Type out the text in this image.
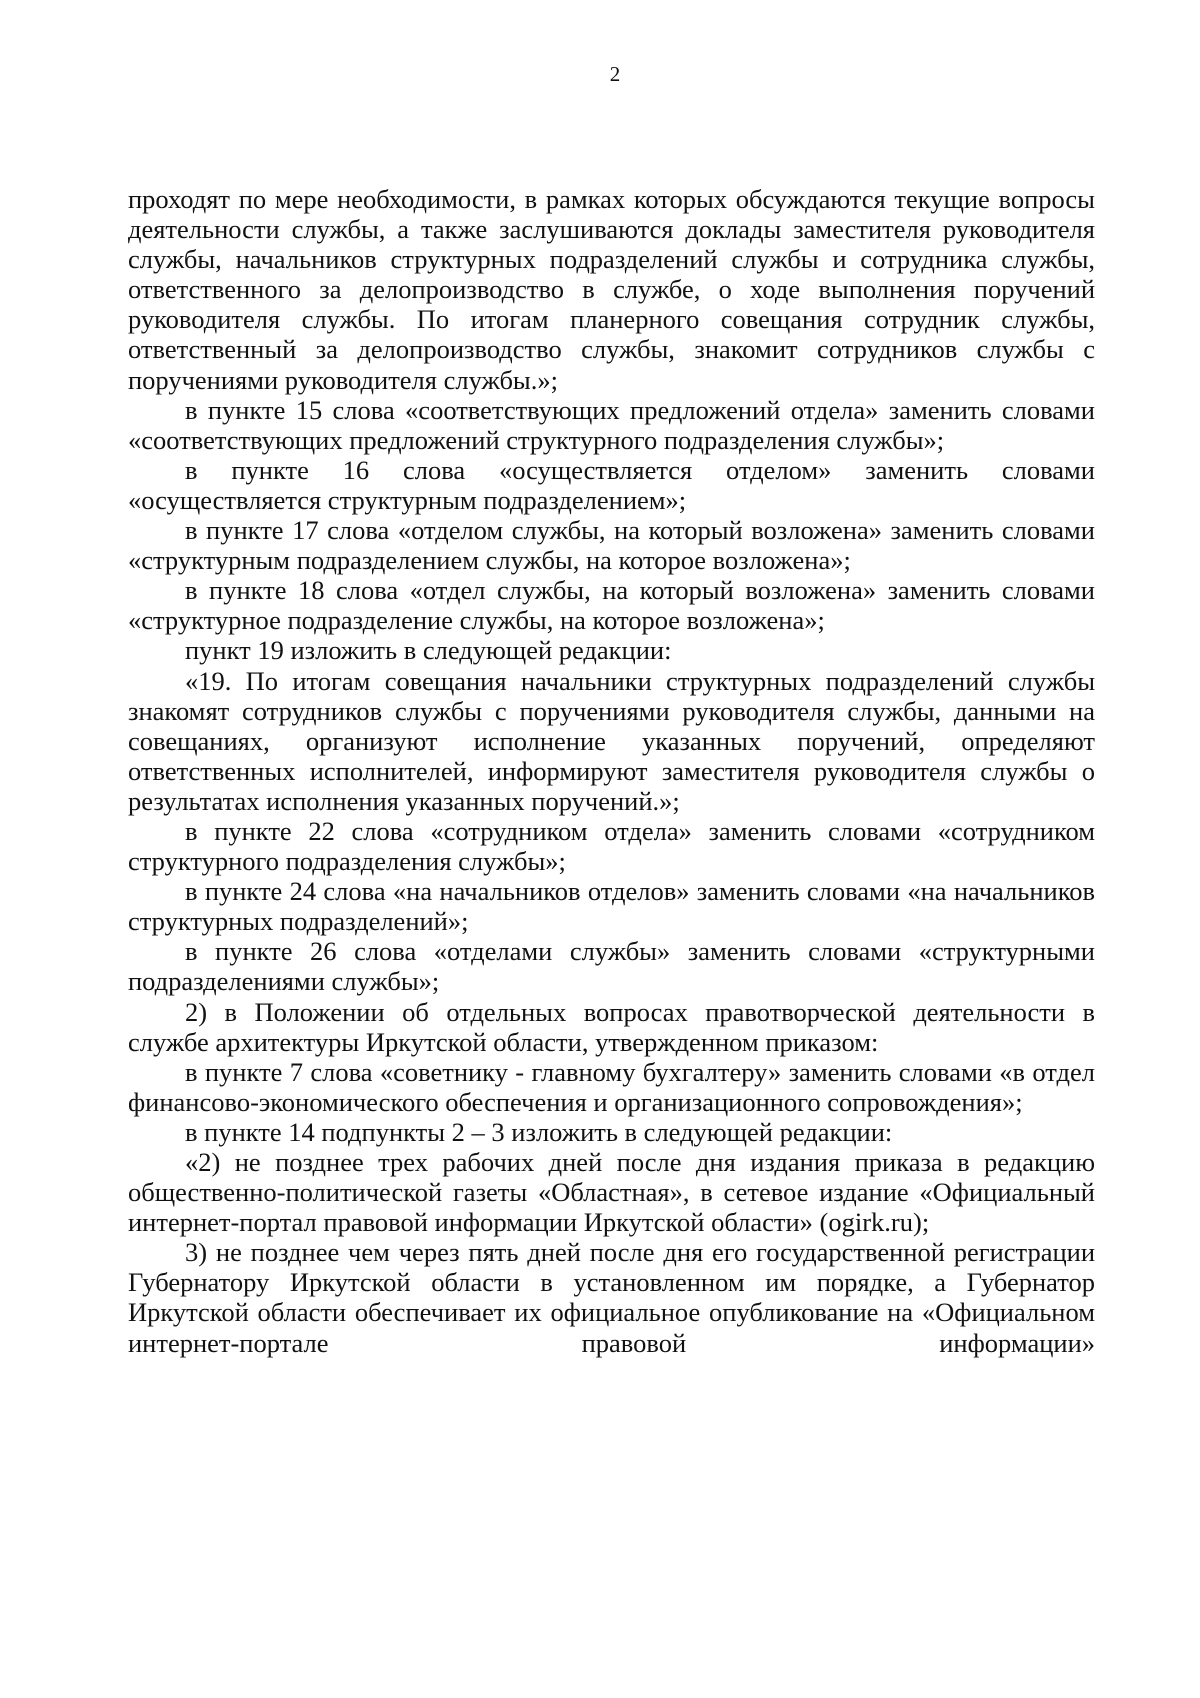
2

проходят по мере необходимости, в рамках которых обсуждаются текущие вопросы деятельности службы, а также заслушиваются доклады заместителя руководителя службы, начальников структурных подразделений службы и сотрудника службы, ответственного за делопроизводство в службе, о ходе выполнения поручений руководителя службы. По итогам планерного совещания сотрудник службы, ответственный за делопроизводство службы, знакомит сотрудников службы с поручениями руководителя службы.»;

в пункте 15 слова «соответствующих предложений отдела» заменить словами «соответствующих предложений структурного подразделения службы»;

в пункте 16 слова «осуществляется отделом» заменить словами «осуществляется структурным подразделением»;

в пункте 17 слова «отделом службы, на который возложена» заменить словами «структурным подразделением службы, на которое возложена»;

в пункте 18 слова «отдел службы, на который возложена» заменить словами «структурное подразделение службы, на которое возложена»;

пункт 19 изложить в следующей редакции:

«19. По итогам совещания начальники структурных подразделений службы знакомят сотрудников службы с поручениями руководителя службы, данными на совещаниях, организуют исполнение указанных поручений, определяют ответственных исполнителей, информируют заместителя руководителя службы о результатах исполнения указанных поручений.»;

в пункте 22 слова «сотрудником отдела» заменить словами «сотрудником структурного подразделения службы»;

в пункте 24 слова «на начальников отделов» заменить словами «на начальников структурных подразделений»;

в пункте 26 слова «отделами службы» заменить словами «структурными подразделениями службы»;

2) в Положении об отдельных вопросах правотворческой деятельности в службе архитектуры Иркутской области, утвержденном приказом:

в пункте 7 слова «советнику - главному бухгалтеру» заменить словами «в отдел финансово-экономического обеспечения и организационного сопровождения»;

в пункте 14 подпункты 2 – 3 изложить в следующей редакции:

«2) не позднее трех рабочих дней после дня издания приказа в редакцию общественно-политической газеты «Областная», в сетевое издание «Официальный интернет-портал правовой информации Иркутской области» (ogirk.ru);

3) не позднее чем через пять дней после дня его государственной регистрации Губернатору Иркутской области в установленном им порядке, а Губернатор Иркутской области обеспечивает их официальное опубликование на «Официальном интернет-портале правовой информации»
